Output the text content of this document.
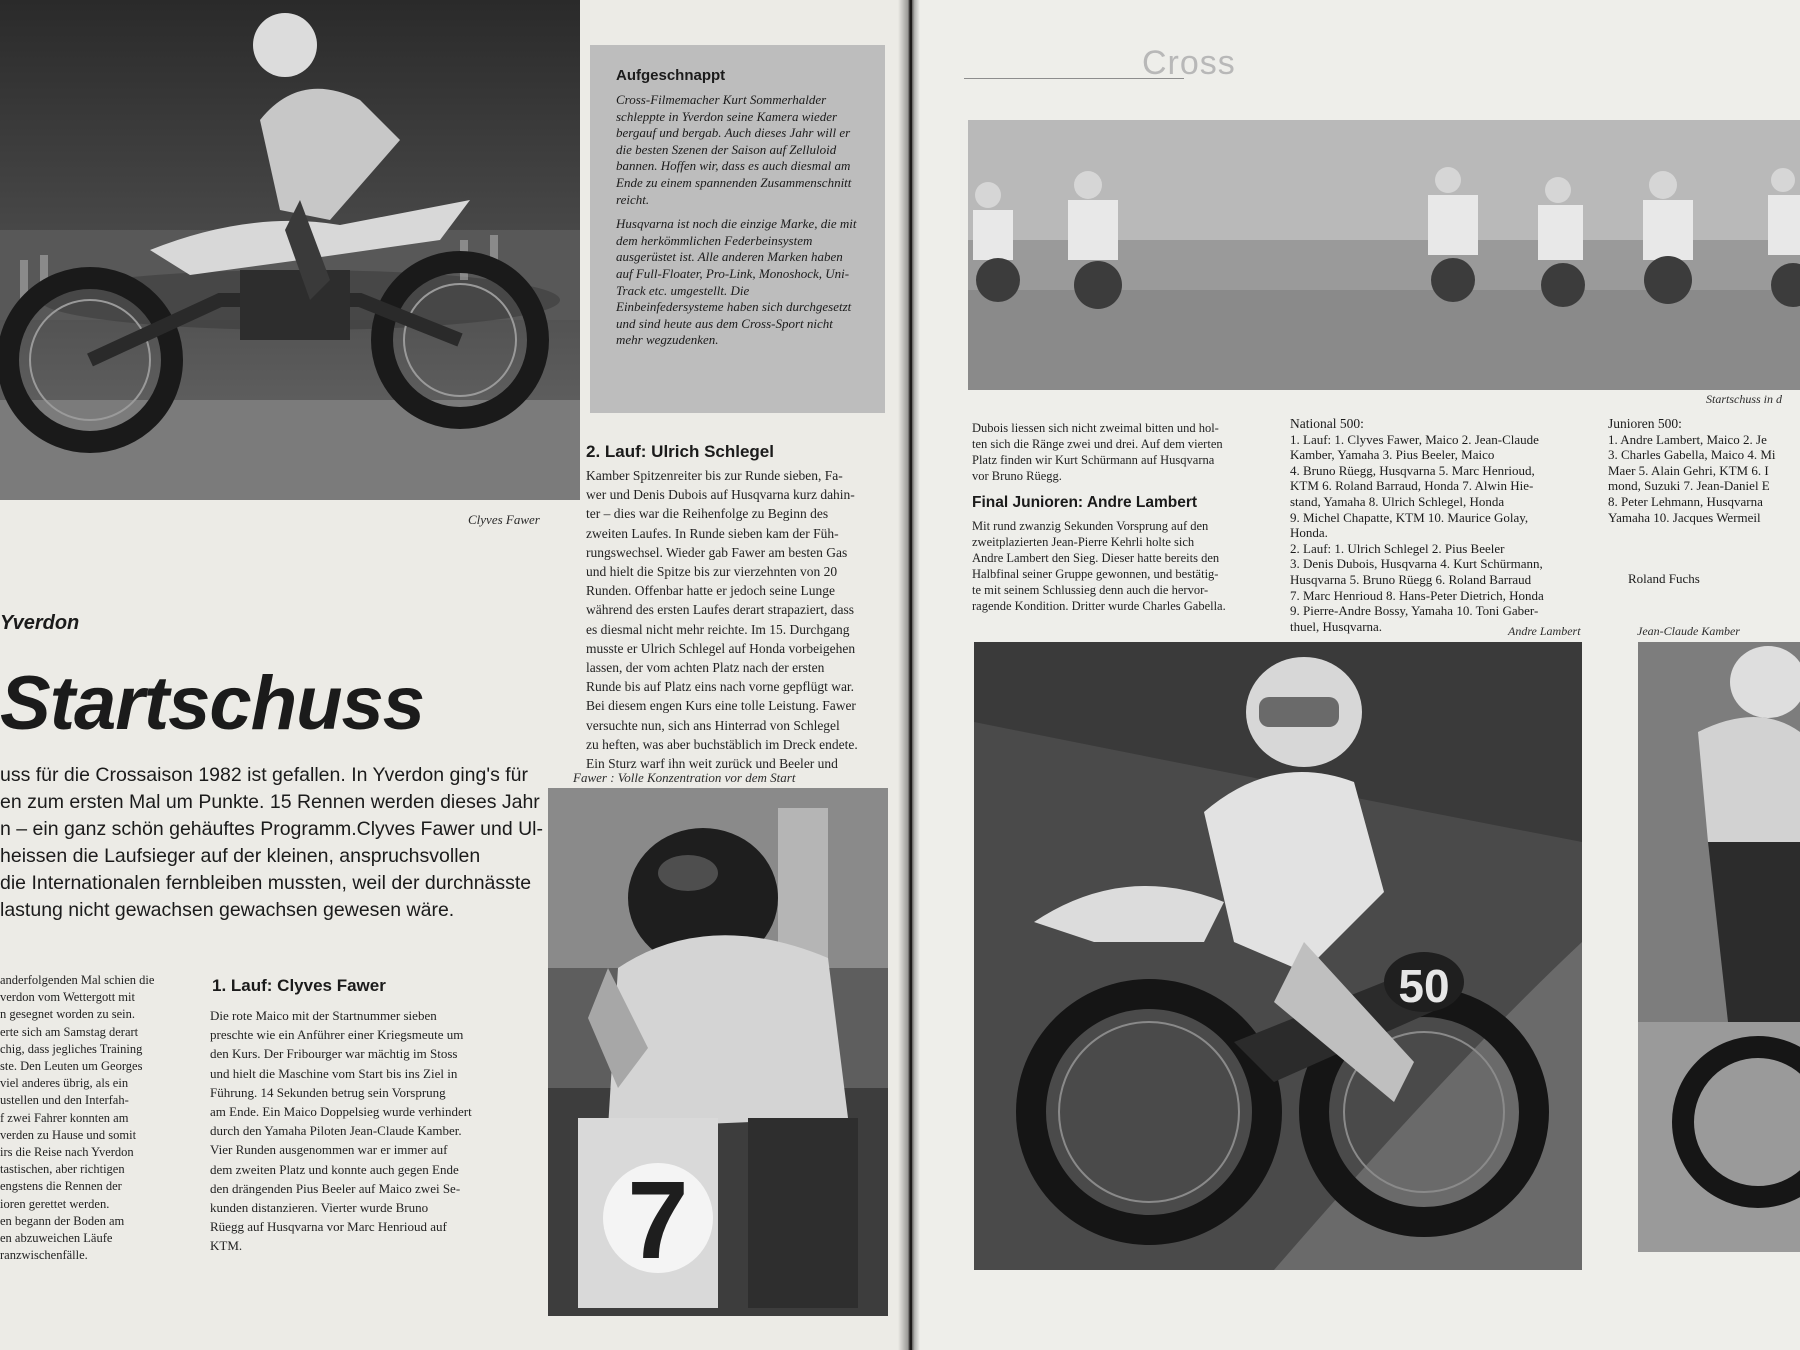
Clyves Fawer
Aufgeschnappt

Cross-Filmemacher Kurt Sommerhalder schleppte in Yverdon seine Kamera wieder bergauf und bergab. Auch dieses Jahr will er die besten Szenen der Saison auf Zelluloid bannen. Hoffen wir, dass es auch diesmal am Ende zu einem spannenden Zusammenschnitt reicht.

Husqvarna ist noch die einzige Marke, die mit dem herkömmlichen Federbeinsystem ausgerüstet ist. Alle anderen Marken haben auf Full-Floater, Pro-Link, Monoshock, Uni-Track etc. umgestellt. Die Einbeinfedersysteme haben sich durchgesetzt und sind heute aus dem Cross-Sport nicht mehr wegzudenken.

2. Lauf: Ulrich Schlegel

Kamber Spitzenreiter bis zur Runde sieben, Fa-

wer und Denis Dubois auf Husqvarna kurz dahin-

ter – dies war die Reihenfolge zu Beginn des

zweiten Laufes. In Runde sieben kam der Füh-

rungswechsel. Wieder gab Fawer am besten Gas

und hielt die Spitze bis zur vierzehnten von 20

Runden. Offenbar hatte er jedoch seine Lunge

während des ersten Laufes derart strapaziert, dass

es diesmal nicht mehr reichte. Im 15. Durchgang

musste er Ulrich Schlegel auf Honda vorbeigehen

lassen, der vom achten Platz nach der ersten

Runde bis auf Platz eins nach vorne gepflügt war.

Bei diesem engen Kurs eine tolle Leistung. Fawer

versuchte nun, sich ans Hinterrad von Schlegel

zu heften, was aber buchstäblich im Dreck endete.

Ein Sturz warf ihn weit zurück und Beeler und

Yverdon
Startschuss

uss für die Crossaison 1982 ist gefallen. In Yverdon ging's für

en zum ersten Mal um Punkte. 15 Rennen werden dieses Jahr

n – ein ganz schön gehäuftes Programm.Clyves Fawer und Ul-

heissen die Laufsieger auf der kleinen, anspruchsvollen

die Internationalen fernbleiben mussten, weil der durchnässte

lastung nicht gewachsen gewachsen gewesen wäre.

anderfolgenden Mal schien die

verdon vom Wettergott mit

n gesegnet worden zu sein.

erte sich am Samstag derart

chig, dass jegliches Training

ste. Den Leuten um Georges

viel anderes übrig, als ein

ustellen und den Interfah-

f zwei Fahrer konnten am

verden zu Hause und somit

irs die Reise nach Yverdon

tastischen, aber richtigen

engstens die Rennen der

ioren gerettet werden.

en begann der Boden am

en abzuweichen Läufe

ranzwischenfälle.

1. Lauf: Clyves Fawer

Die rote Maico mit der Startnummer sieben

preschte wie ein Anführer einer Kriegsmeute um

den Kurs. Der Fribourger war mächtig im Stoss

und hielt die Maschine vom Start bis ins Ziel in

Führung. 14 Sekunden betrug sein Vorsprung

am Ende. Ein Maico Doppelsieg wurde verhindert

durch den Yamaha Piloten Jean-Claude Kamber.

Vier Runden ausgenommen war er immer auf

dem zweiten Platz und konnte auch gegen Ende

den drängenden Pius Beeler auf Maico zwei Se-

kunden distanzieren. Vierter wurde Bruno

Rüegg auf Husqvarna vor Marc Henrioud auf

KTM.

Fawer : Volle Konzentration vor dem Start
7
Cross
Startschuss in d

Dubois liessen sich nicht zweimal bitten und hol-

ten sich die Ränge zwei und drei. Auf dem vierten

Platz finden wir Kurt Schürmann auf Husqvarna

vor Bruno Rüegg.

Final Junioren: Andre Lambert

Mit rund zwanzig Sekunden Vorsprung auf den

zweitplazierten Jean-Pierre Kehrli holte sich

Andre Lambert den Sieg. Dieser hatte bereits den

Halbfinal seiner Gruppe gewonnen, und bestätig-

te mit seinem Schlussieg denn auch die hervor-

ragende Kondition. Dritter wurde Charles Gabella.

National 500:

1. Lauf: 1. Clyves Fawer, Maico 2. Jean-Claude

Kamber, Yamaha 3. Pius Beeler, Maico

4. Bruno Rüegg, Husqvarna 5. Marc Henrioud,

KTM 6. Roland Barraud, Honda 7. Alwin Hie-

stand, Yamaha 8. Ulrich Schlegel, Honda

9. Michel Chapatte, KTM 10. Maurice Golay,

Honda.

2. Lauf: 1. Ulrich Schlegel 2. Pius Beeler

3. Denis Dubois, Husqvarna 4. Kurt Schürmann,

Husqvarna 5. Bruno Rüegg 6. Roland Barraud

7. Marc Henrioud 8. Hans-Peter Dietrich, Honda

9. Pierre-Andre Bossy, Yamaha 10. Toni Gaber-

thuel, Husqvarna.

Junioren 500:

1. Andre Lambert, Maico 2. Je

3. Charles Gabella, Maico 4. Mi

Maer 5. Alain Gehri, KTM 6. I

mond, Suzuki 7. Jean-Daniel E

8. Peter Lehmann, Husqvarna

Yamaha 10. Jacques Wermeil

Roland Fuchs
Andre Lambert	Jean-Claude Kamber
50
